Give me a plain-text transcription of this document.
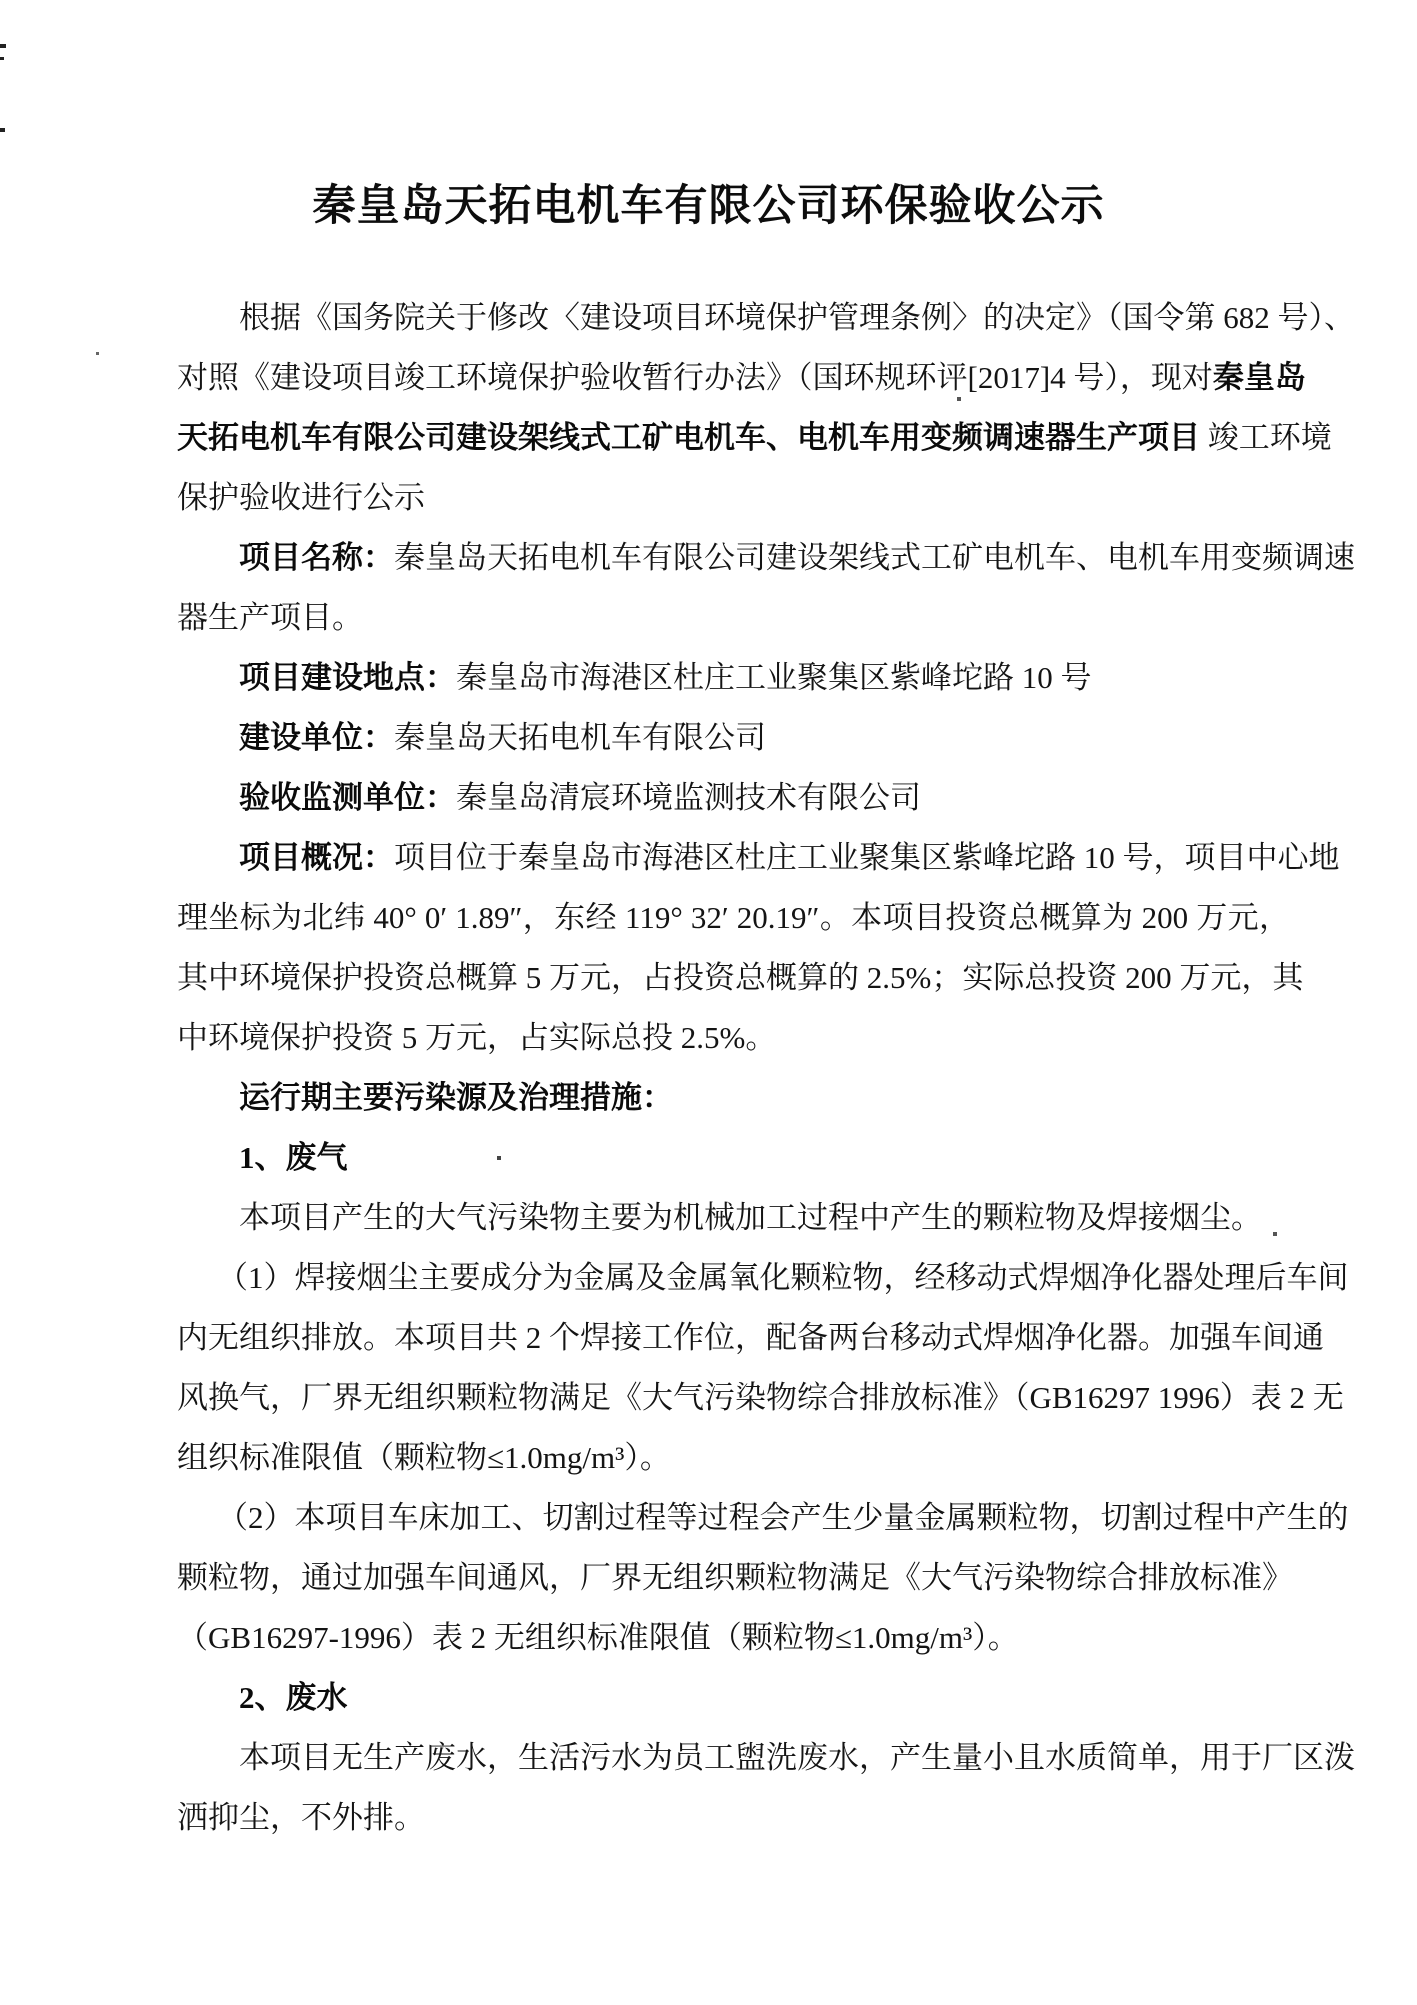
秦皇岛天拓电机车有限公司环保验收公示
根据《国务院关于修改〈建设项目环境保护管理条例〉的决定》（国令第 682 号）、
对照《建设项目竣工环境保护验收暂行办法》（国环规环评[2017]4 号），现对秦皇岛
天拓电机车有限公司建设架线式工矿电机车、电机车用变频调速器生产项目 竣工环境
保护验收进行公示
项目名称：秦皇岛天拓电机车有限公司建设架线式工矿电机车、电机车用变频调速
器生产项目。
项目建设地点：秦皇岛市海港区杜庄工业聚集区紫峰坨路 10 号
建设单位：秦皇岛天拓电机车有限公司
验收监测单位：秦皇岛清宸环境监测技术有限公司
项目概况：项目位于秦皇岛市海港区杜庄工业聚集区紫峰坨路 10 号，项目中心地
理坐标为北纬 40° 0′ 1.89″，东经 119° 32′ 20.19″。本项目投资总概算为 200 万元，
其中环境保护投资总概算 5 万元，占投资总概算的 2.5%；实际总投资 200 万元，其
中环境保护投资 5 万元，占实际总投 2.5%。
运行期主要污染源及治理措施：
1、废气
本项目产生的大气污染物主要为机械加工过程中产生的颗粒物及焊接烟尘。
（1）焊接烟尘主要成分为金属及金属氧化颗粒物，经移动式焊烟净化器处理后车间
内无组织排放。本项目共 2 个焊接工作位，配备两台移动式焊烟净化器。加强车间通
风换气，厂界无组织颗粒物满足《大气污染物综合排放标准》（GB16297 1996）表 2 无
组织标准限值（颗粒物≤1.0mg/m³）。
（2）本项目车床加工、切割过程等过程会产生少量金属颗粒物，切割过程中产生的
颗粒物，通过加强车间通风，厂界无组织颗粒物满足《大气污染物综合排放标准》
（GB16297-1996）表 2 无组织标准限值（颗粒物≤1.0mg/m³）。
2、废水
本项目无生产废水，生活污水为员工盥洗废水，产生量小且水质简单，用于厂区泼
洒抑尘，不外排。
